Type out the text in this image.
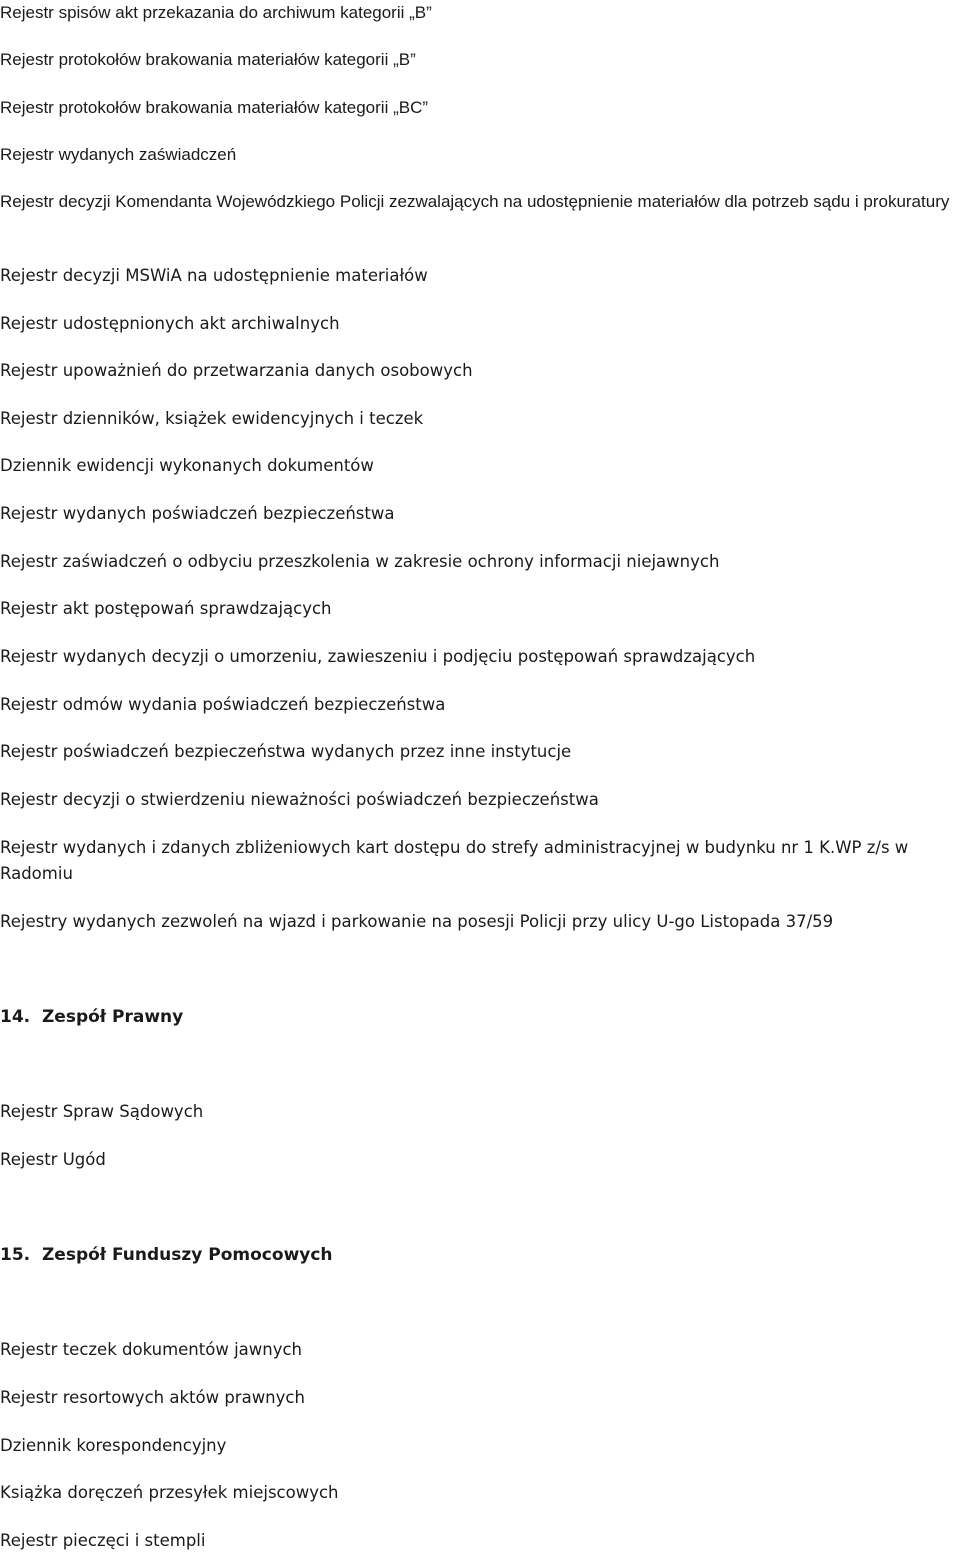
Rejestr spisów akt przekazania do archiwum kategorii „B”

Rejestr protokołów brakowania materiałów kategorii „B”

Rejestr protokołów brakowania materiałów kategorii „BC”

Rejestr wydanych zaświadczeń

Rejestr decyzji Komendanta Wojewódzkiego Policji zezwalających na udostępnienie materiałów dla potrzeb sądu i prokuratury

Rejestr decyzji MSWiA na udostępnienie materiałów

Rejestr udostępnionych akt archiwalnych

Rejestr upoważnień do przetwarzania danych osobowych

Rejestr dzienników, książek ewidencyjnych i teczek

Dziennik ewidencji wykonanych dokumentów

Rejestr wydanych poświadczeń bezpieczeństwa

Rejestr zaświadczeń o odbyciu przeszkolenia w zakresie ochrony informacji niejawnych

Rejestr akt postępowań sprawdzających

Rejestr wydanych decyzji o umorzeniu, zawieszeniu i podjęciu postępowań sprawdzających

Rejestr odmów wydania poświadczeń bezpieczeństwa

Rejestr poświadczeń bezpieczeństwa wydanych przez inne instytucje

Rejestr decyzji o stwierdzeniu nieważności poświadczeń bezpieczeństwa

Rejestr wydanych i zdanych zbliżeniowych kart dostępu do strefy administracyjnej w budynku nr 1 K.WP z/s w Radomiu

Rejestry wydanych zezwoleń na wjazd i parkowanie na posesji Policji przy ulicy U-go Listopada 37/59

14. Zespół Prawny

Rejestr Spraw Sądowych

Rejestr Ugód

15. Zespół Funduszy Pomocowych

Rejestr teczek dokumentów jawnych

Rejestr resortowych aktów prawnych

Dziennik korespondencyjny

Książka doręczeń przesyłek miejscowych

Rejestr pieczęci i stempli
